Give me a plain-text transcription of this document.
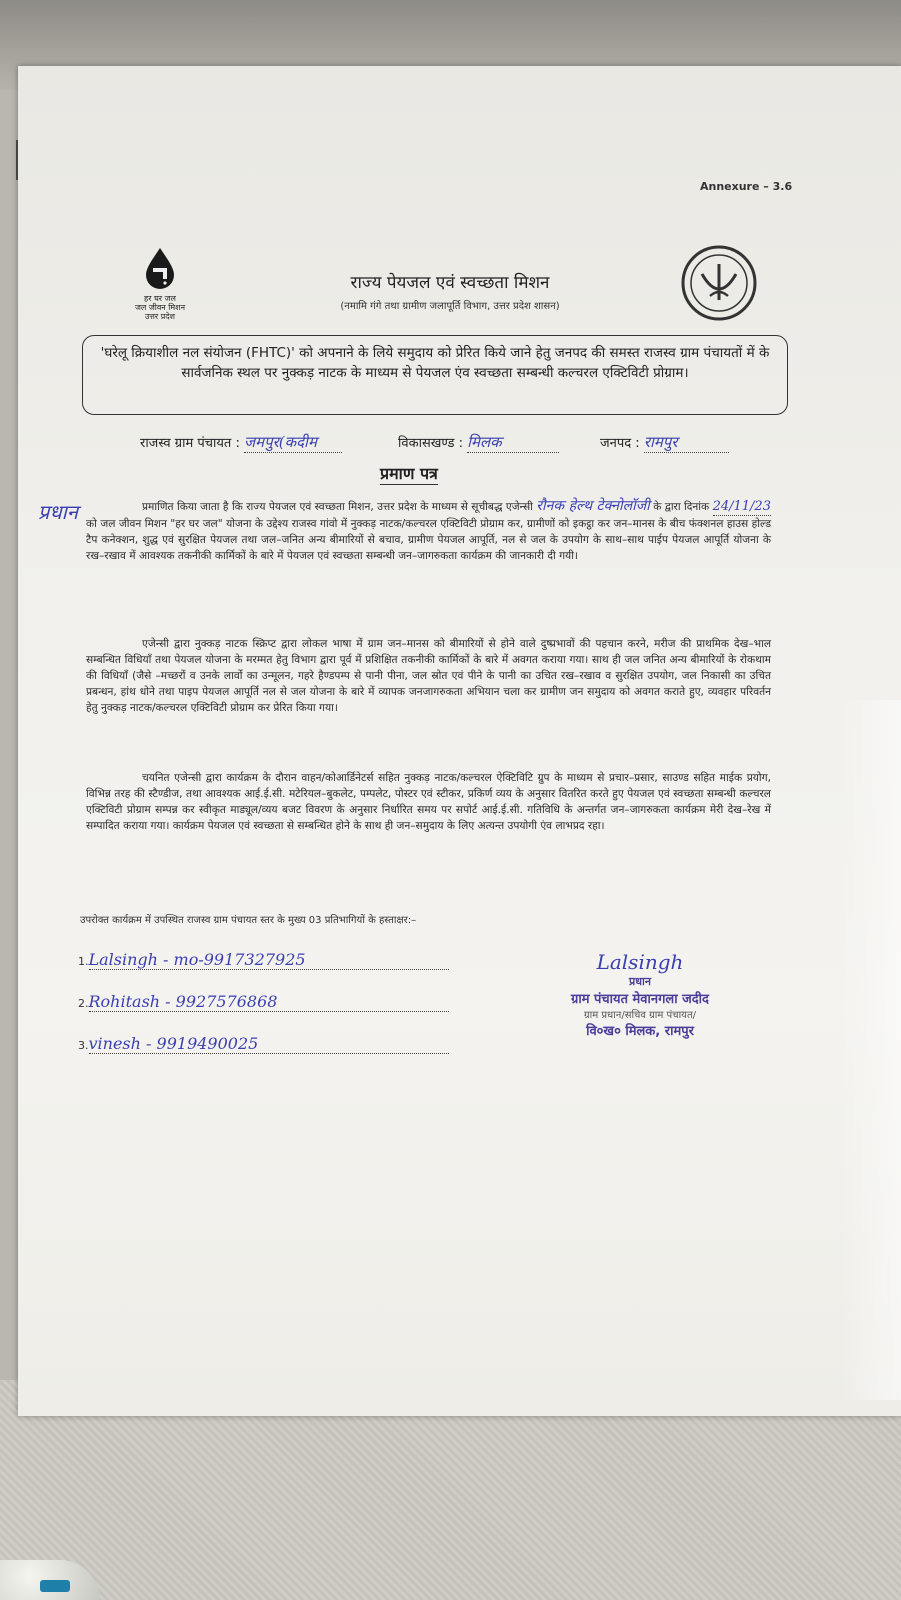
Annexure – 3.6
हर घर जल
जल जीवन मिशन
उत्तर प्रदेश
राज्य पेयजल एवं स्वच्छता मिशन
(नमामि गंगे तथा ग्रामीण जलापूर्ति विभाग, उत्तर प्रदेश शासन)
'घरेलू क्रियाशील नल संयोजन (FHTC)' को अपनाने के लिये समुदाय को प्रेरित किये जाने हेतु जनपद की समस्त राजस्व ग्राम पंचायतों में के सार्वजनिक स्थल पर नुक्कड़ नाटक के माध्यम से पेयजल एंव स्वच्छता सम्बन्धी कल्चरल एक्टिविटी प्रोग्राम।
राजस्व ग्राम पंचायत : जमपुर(कदीम	विकासखण्ड : मिलक	जनपद : रामपुर
प्रमाण पत्र
प्रधान	प्रमाणित किया जाता है कि राज्य पेयजल एवं स्वच्छता मिशन, उत्तर प्रदेश के माध्यम से सूचीबद्ध एजेन्सी रौनक हेल्थ टेक्नोलॉजी के द्वारा दिनांक 24/11/23 को जल जीवन मिशन "हर घर जल" योजना के उद्देश्य राजस्व गांवो में नुक्कड़ नाटक/कल्चरल एक्टिविटी प्रोग्राम कर, ग्रामीणों को इकट्ठा कर जन–मानस के बीच फंक्शनल हाउस होल्ड टैप कनेक्शन, शुद्ध एवं सुरक्षित पेयजल तथा जल–जनित अन्य बीमारियों से बचाव, ग्रामीण पेयजल आपूर्ति, नल से जल के उपयोग के साथ–साथ पाईप पेयजल आपूर्ति योजना के रख–रखाव में आवश्यक तकनीकी कार्मिकों के बारे में पेयजल एवं स्वच्छता सम्बन्धी जन–जागरुकता कार्यक्रम की जानकारी दी गयी।
एजेन्सी द्वारा नुक्कड़ नाटक स्क्रिप्ट द्वारा लोकल भाषा में ग्राम जन–मानस को बीमारियों से होने वाले दुष्प्रभावों की पहचान करने, मरीज की प्राथमिक देख–भाल सम्बन्धित विधियाँ तथा पेयजल योजना के मरम्मत हेतु विभाग द्वारा पूर्व में प्रशिक्षित तकनीकी कार्मिकों के बारे में अवगत कराया गया। साथ ही जल जनित अन्य बीमारियों के रोकथाम की विधियाँ (जैसे –मच्छरों व उनके लार्वो का उन्मूलन, गहरे हैण्डपम्प से पानी पीना, जल स्रोत एवं पीने के पानी का उचित रख–रखाव व सुरक्षित उपयोग, जल निकासी का उचित प्रबन्धन, हांथ धोने तथा पाइप पेयजल आपूर्ति नल से जल योजना के बारे में व्यापक जनजागरुकता अभियान चला कर ग्रामीण जन समुदाय को अवगत कराते हुए, व्यवहार परिवर्तन हेतु नुक्कड़ नाटक/कल्चरल एक्टिविटी प्रोग्राम कर प्रेरित किया गया।
चयनित एजेन्सी द्वारा कार्यक्रम के दौरान वाहन/कोआर्डिनेटर्स सहित नुक्कड़ नाटक/कल्चरल ऐक्टिविटि ग्रुप के माध्यम से प्रचार–प्रसार, साउण्ड सहित माईक प्रयोग, विभिन्न तरह की स्टैण्डीज, तथा आवश्यक आई.ई.सी. मटेरियल–बुकलेट, पम्पलेट, पोस्टर एवं स्टीकर, प्रकिर्ण व्यय के अनुसार वितरित करते हुए पेयजल एवं स्वच्छता सम्बन्धी कल्चरल एक्टिविटी प्रोग्राम सम्पन्न कर स्वीकृत माड्यूल/व्यय बजट विवरण के अनुसार निर्धारित समय पर सपोर्ट आई.ई.सी. गतिविधि के अन्तर्गत जन–जागरुकता कार्यक्रम मेरी देख–रेख में सम्पादित कराया गया। कार्यक्रम पेयजल एवं स्वच्छता से सम्बन्धित होने के साथ ही जन–समुदाय के लिए अत्यन्त उपयोगी एंव लाभप्रद रहा।
उपरोक्त कार्यक्रम में उपस्थित राजस्व ग्राम पंचायत स्तर के मुख्य 03 प्रतिभागियों के हस्ताक्षर:–
1.Lalsingh - mo-9917327925
2.Rohitash - 9927576868
3.vinesh - 9919490025
Lalsingh
प्रधान
ग्राम पंचायत मेवानगला जदीद
ग्राम प्रधान/सचिव ग्राम पंचायत/
वि०ख० मिलक, रामपुर
